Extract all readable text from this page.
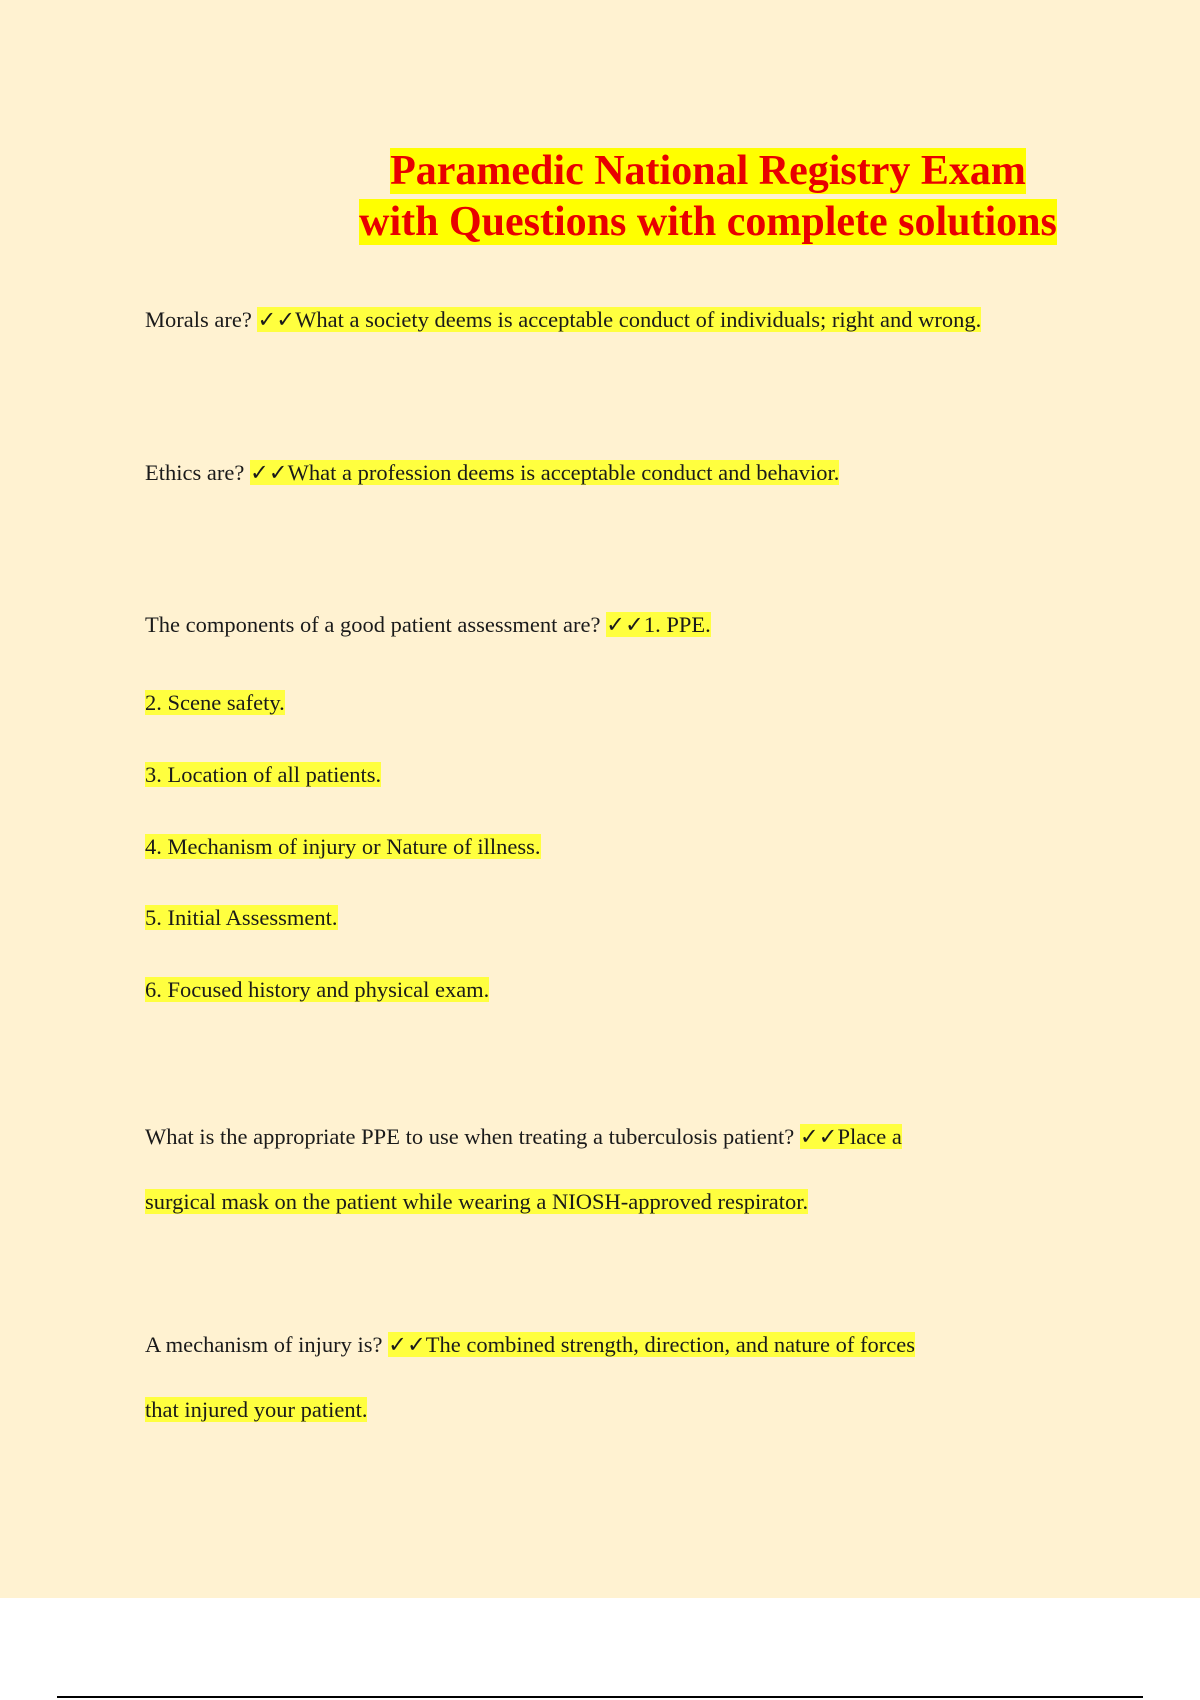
Paramedic National Registry Exam
with Questions with complete solutions
Morals are? ✓✓What a society deems is acceptable conduct of individuals; right and wrong.
Ethics are? ✓✓What a profession deems is acceptable conduct and behavior.
The components of a good patient assessment are? ✓✓1. PPE.
2. Scene safety.
3. Location of all patients.
4. Mechanism of injury or Nature of illness.
5. Initial Assessment.
6. Focused history and physical exam.
What is the appropriate PPE to use when treating a tuberculosis patient? ✓✓Place a
surgical mask on the patient while wearing a NIOSH-approved respirator.
A mechanism of injury is? ✓✓The combined strength, direction, and nature of forces
that injured your patient.
